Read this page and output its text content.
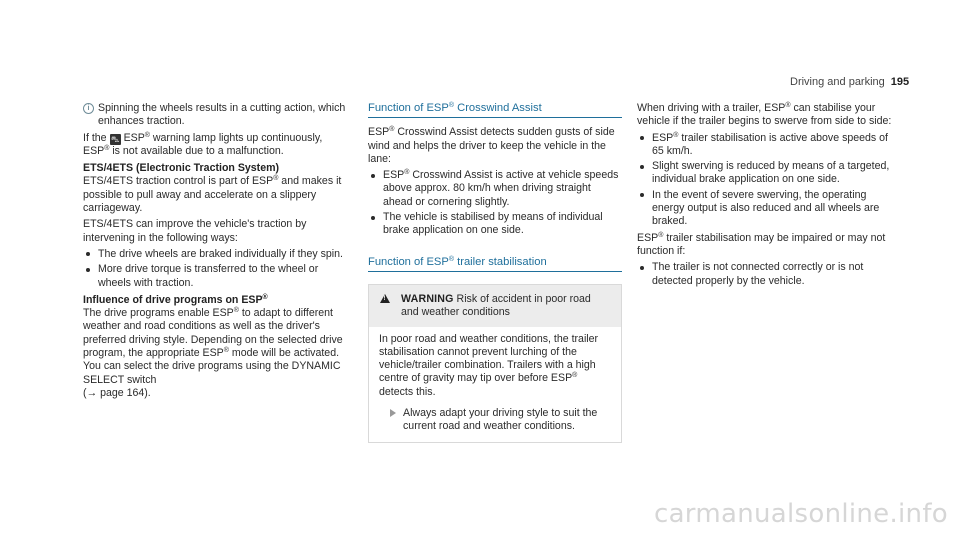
Driving and parking 195
i Spinning the wheels results in a cutting action, which enhances traction.

If the ⛍ ESP® warning lamp lights up continuously, ESP® is not available due to a malfunction.

ETS/4ETS (Electronic Traction System)

ETS/4ETS traction control is part of ESP® and makes it possible to pull away and accelerate on a slippery carriageway.

ETS/4ETS can improve the vehicle's traction by intervening in the following ways:

The drive wheels are braked individually if they spin.
More drive torque is transferred to the wheel or wheels with traction.

Influence of drive programs on ESP®

The drive programs enable ESP® to adapt to different weather and road conditions as well as the driver's preferred driving style. Depending on the selected drive program, the appropriate ESP® mode will be activated. You can select the drive programs using the DYNAMIC SELECT switch
(→ page 164).

Function of ESP® Crosswind Assist

ESP® Crosswind Assist detects sudden gusts of side wind and helps the driver to keep the vehicle in the lane:

ESP® Crosswind Assist is active at vehicle speeds above approx. 80 km/h when driving straight ahead or cornering slightly.
The vehicle is stabilised by means of individual brake application on one side.
Function of ESP® trailer stabilisation
!	WARNING Risk of accident in poor road and weather conditions

In poor road and weather conditions, the trailer stabilisation cannot prevent lurching of the vehicle/trailer combination. Trailers with a high centre of gravity may tip over before ESP® detects this.

Always adapt your driving style to suit the current road and weather conditions.

When driving with a trailer, ESP® can stabilise your vehicle if the trailer begins to swerve from side to side:

ESP® trailer stabilisation is active above speeds of 65 km/h.
Slight swerving is reduced by means of a targeted, individual brake application on one side.
In the event of severe swerving, the operating energy output is also reduced and all wheels are braked.

ESP® trailer stabilisation may be impaired or may not function if:

The trailer is not connected correctly or is not detected properly by the vehicle.
carmanualsonline.info
